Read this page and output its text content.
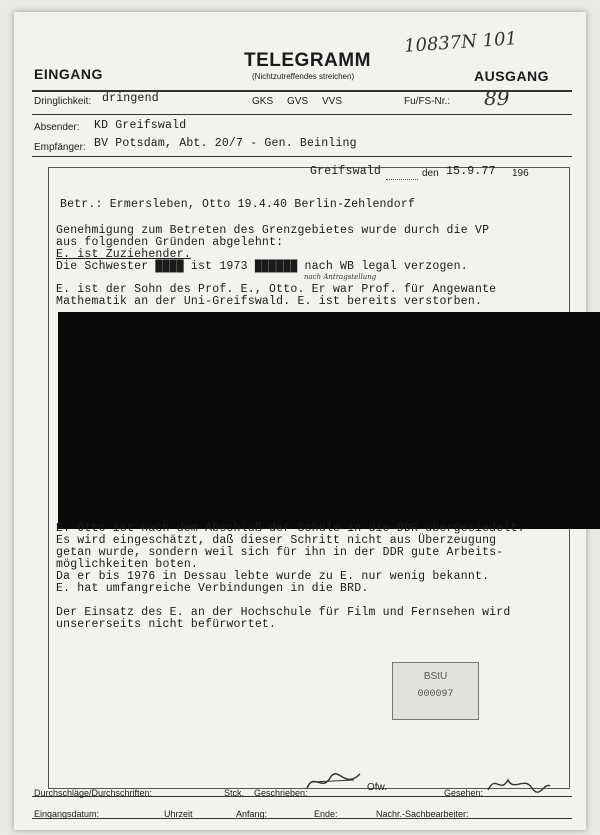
10837N 101
EINGANG
TELEGRAMM
(Nichtzutreffendes streichen)	AUSGANG
Dringlichkeit: dringend	GKS GVS VVS	Fu/FS-Nr.: 89
Absender: KD Greifswald
Empfänger: BV Potsdam, Abt. 20/7 - Gen. Beinling
Greifswald	den 15.9.77 196
Betr.: Ermersleben, Otto 19.4.40 Berlin-Zehlendorf
Genehmigung zum Betreten des Grenzgebietes wurde durch die VP
aus folgenden Gründen abgelehnt:
E. ist Zuziehender.
Die Schwester ████ ist 1973 ██████ nach WB legal verzogen.
nach Antragstellung
E. ist der Sohn des Prof. E., Otto. Er war Prof. für Angewante
Mathematik an der Uni-Greifswald. E. ist bereits verstorben.
E. Otto ist nach dem Abschluß der Schule in die DDR übergesiedelt.
Es wird eingeschätzt, daß dieser Schritt nicht aus Überzeugung
getan wurde, sondern weil sich für ihn in der DDR gute Arbeits-
möglichkeiten boten.
Da er bis 1976 in Dessau lebte wurde zu E. nur wenig bekannt.
E. hat umfangreiche Verbindungen in die BRD.
Der Einsatz des E. an der Hochschule für Film und Fernsehen wird
unsererseits nicht befürwortet.
BStU
000097
Durchschläge/Durchschriften:	Stck. Geschrieben:	Ofw.	Gesehen:
Eingangsdatum:	Uhrzeit	Anfang:	Ende:	Nachr.-Sachbearbeiter:
